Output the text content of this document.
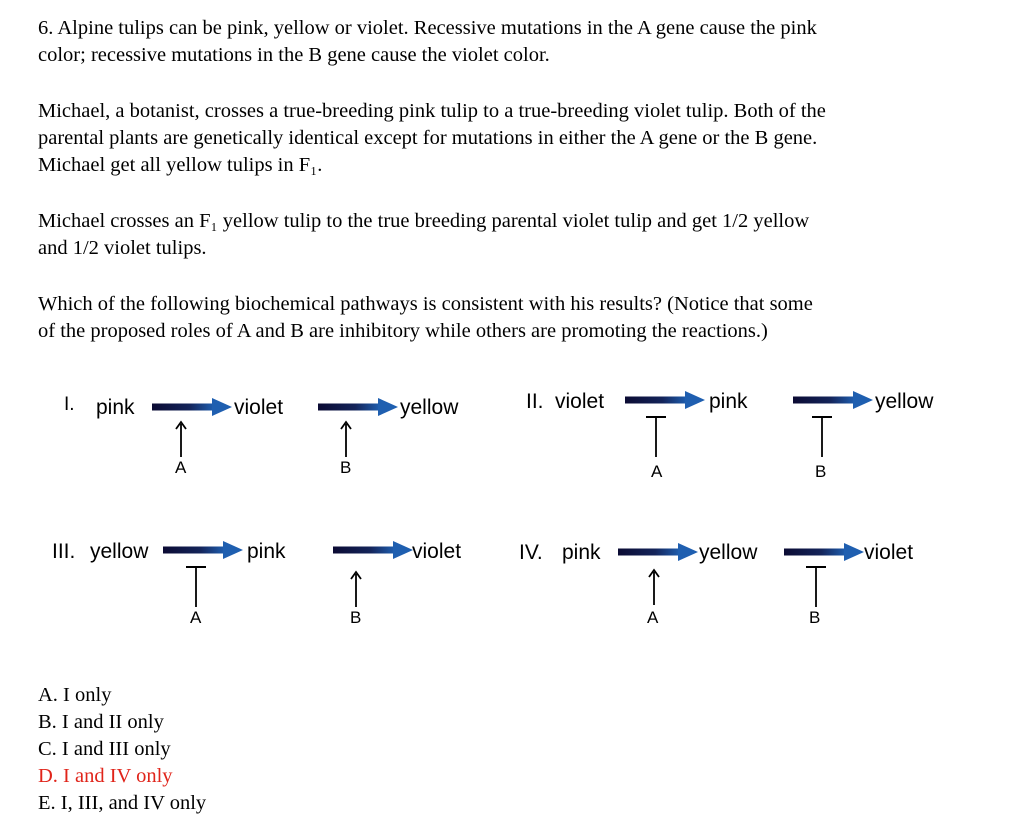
6. Alpine tulips can be pink, yellow or violet. Recessive mutations in the A gene cause the pink
color; recessive mutations in the B gene cause the violet color.

Michael, a botanist, crosses a true-breeding pink tulip to a true-breeding violet tulip. Both of the
parental plants are genetically identical except for mutations in either the A gene or the B gene.
Michael get all yellow tulips in F₁.

Michael crosses an F₁ yellow tulip to the true breeding parental violet tulip and get 1/2 yellow
and 1/2 violet tulips.

Which of the following biochemical pathways is consistent with his results? (Notice that some
of the proposed roles of A and B are inhibitory while others are promoting the reactions.)

I. pink	violet	yellow
A	B
II. violet	pink	yellow
A	B
III. yellow	pink	violet
A	B
IV. pink	yellow	violet
A	B
A. I only
B. I and II only
C. I and III only
D. I and IV only
E. I, III, and IV only
